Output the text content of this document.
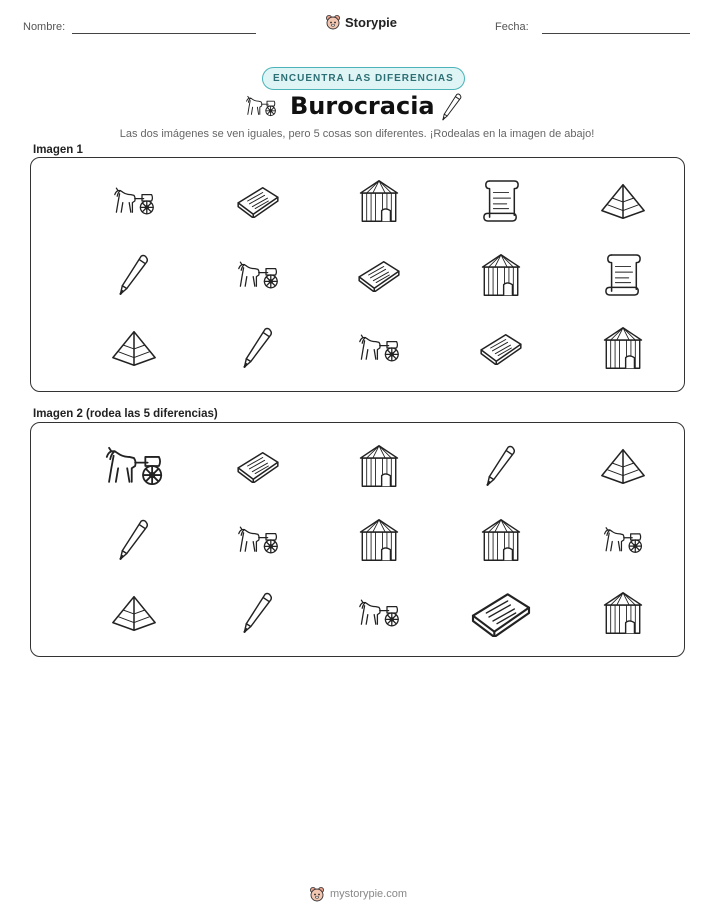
Nombre:	Storypie	Fecha:
ENCUENTRA LAS DIFERENCIAS
Burocracia
Las dos imágenes se ven iguales, pero 5 cosas son diferentes. ¡Rodealas en la imagen de abajo!
Imagen 1
Imagen 2 (rodea las 5 diferencias)
mystorypie.com
